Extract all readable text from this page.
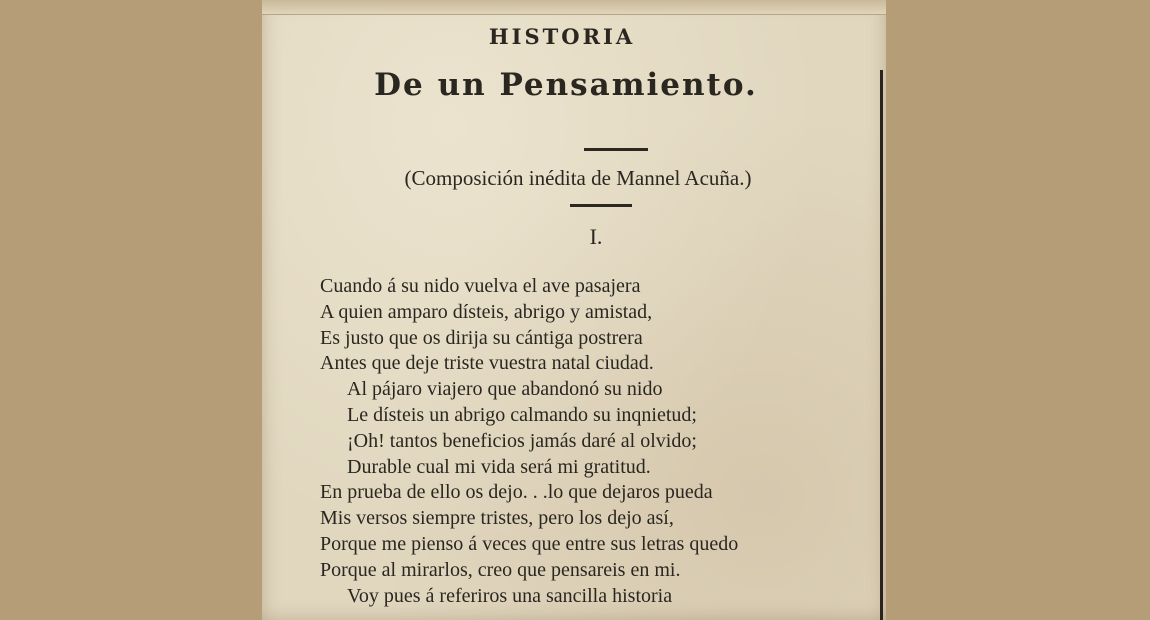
HISTORIA
De un Pensamiento.
(Composición inédita de Mannel Acuña.)
I.
Cuando á su nido vuelva el ave pasajera
A quien amparo dísteis, abrigo y amistad,
Es justo que os dirija su cántiga postrera
Antes que deje triste vuestra natal ciudad.
Al pájaro viajero que abandonó su nido
Le dísteis un abrigo calmando su inqnietud;
¡Oh! tantos beneficios jamás daré al olvido;
Durable cual mi vida será mi gratitud.
En prueba de ello os dejo. . .lo que dejaros pueda
Mis versos siempre tristes, pero los dejo así,
Porque me pienso á veces que entre sus letras quedo
Porque al mirarlos, creo que pensareis en mi.
Voy pues á referiros una sancilla historia
